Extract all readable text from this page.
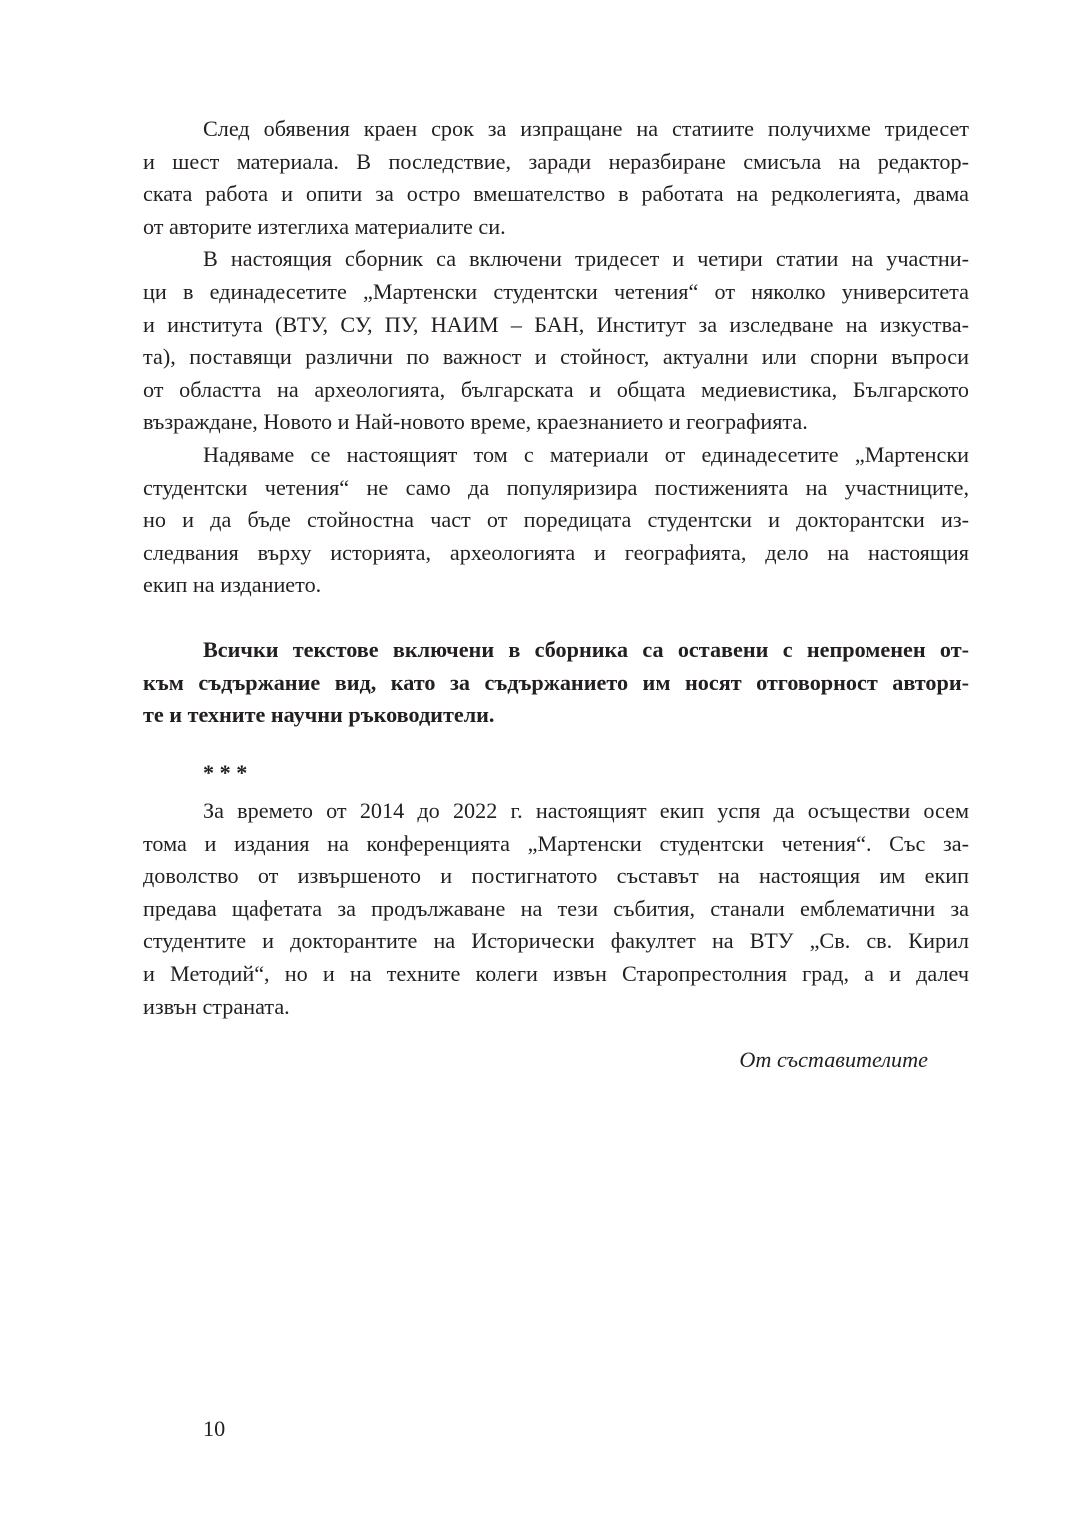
След обявения краен срок за изпращане на статиите получихме тридесет
и шест материала. В последствие, заради неразбиране смисъла на редактор-
ската работа и опити за остро вмешателство в работата на редколегията, двама
от авторите изтеглиха материалите си.
В настоящия сборник са включени тридесет и четири статии на участни-
ци в единадесетите „Мартенски студентски четения“ от няколко университета
и института (ВТУ, СУ, ПУ, НАИМ – БАН, Институт за изследване на изкуства-
та), поставящи различни по важност и стойност, актуални или спорни въпроси
от областта на археологията, българската и общата медиевистика, Българското
възраждане, Новото и Най-новото време, краезнанието и географията.
Надяваме се настоящият том с материали от единадесетите „Мартенски
студентски четения“ не само да популяризира постиженията на участниците,
но и да бъде стойностна част от поредицата студентски и докторантски из-
следвания върху историята, археологията и географията, дело на настоящия
екип на изданието.
Всички текстове включени в сборника са оставени с непроменен от-
към съдържание вид, като за съдържанието им носят отговорност автори-
те и техните научни ръководители.
* * *
За времето от 2014 до 2022 г. настоящият екип успя да осъществи осем
тома и издания на конференцията „Мартенски студентски четения“. Със за-
доволство от извършеното и постигнатото съставът на настоящия им екип
предава щафетата за продължаване на тези събития, станали емблематични за
студентите и докторантите на Исторически факултет на ВТУ „Св. св. Кирил
и Методий“, но и на техните колеги извън Старопрестолния град, а и далеч
извън страната.
От съставителите
10
